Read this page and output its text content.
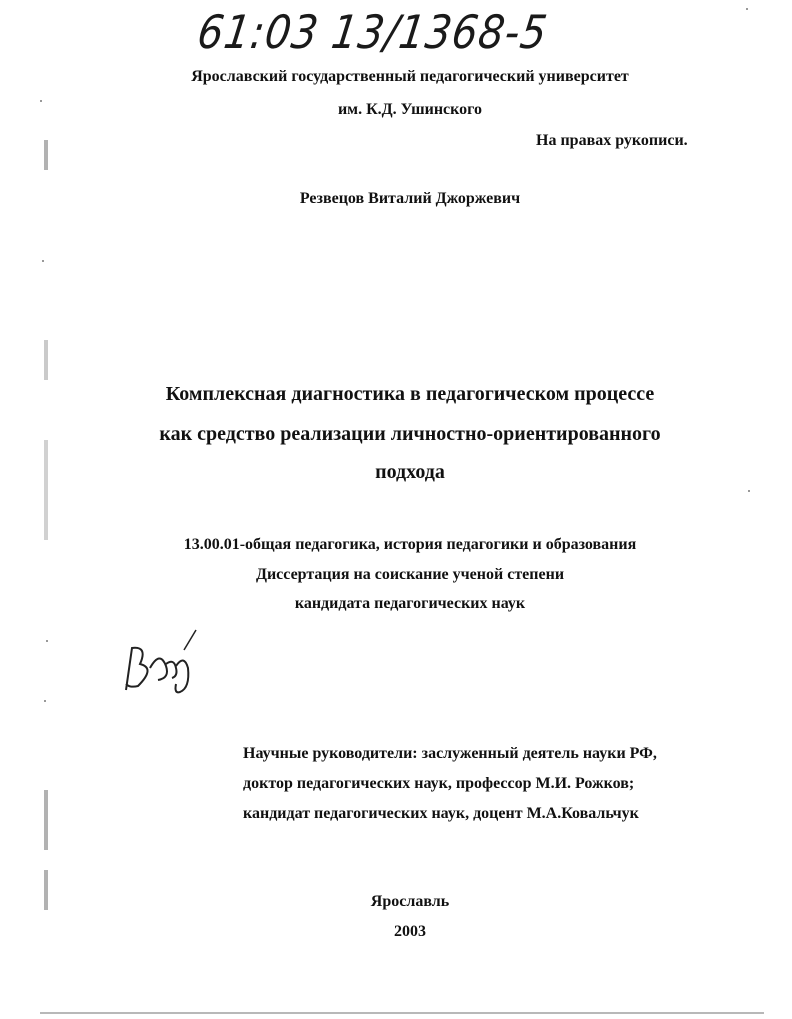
61:03 13/1368-5
Ярославский государственный педагогический университет
им. К.Д. Ушинского
На правах рукописи.
Резвецов Виталий Джоржевич
Комплексная диагностика в педагогическом процессе
как средство реализации личностно-ориентированного
подхода
13.00.01-общая педагогика, история педагогики и образования
Диссертация на соискание ученой степени
кандидата педагогических наук
Научные руководители: заслуженный деятель науки РФ,
доктор педагогических наук, профессор М.И. Рожков;
кандидат педагогических наук, доцент М.А.Ковальчук
Ярославль
2003
